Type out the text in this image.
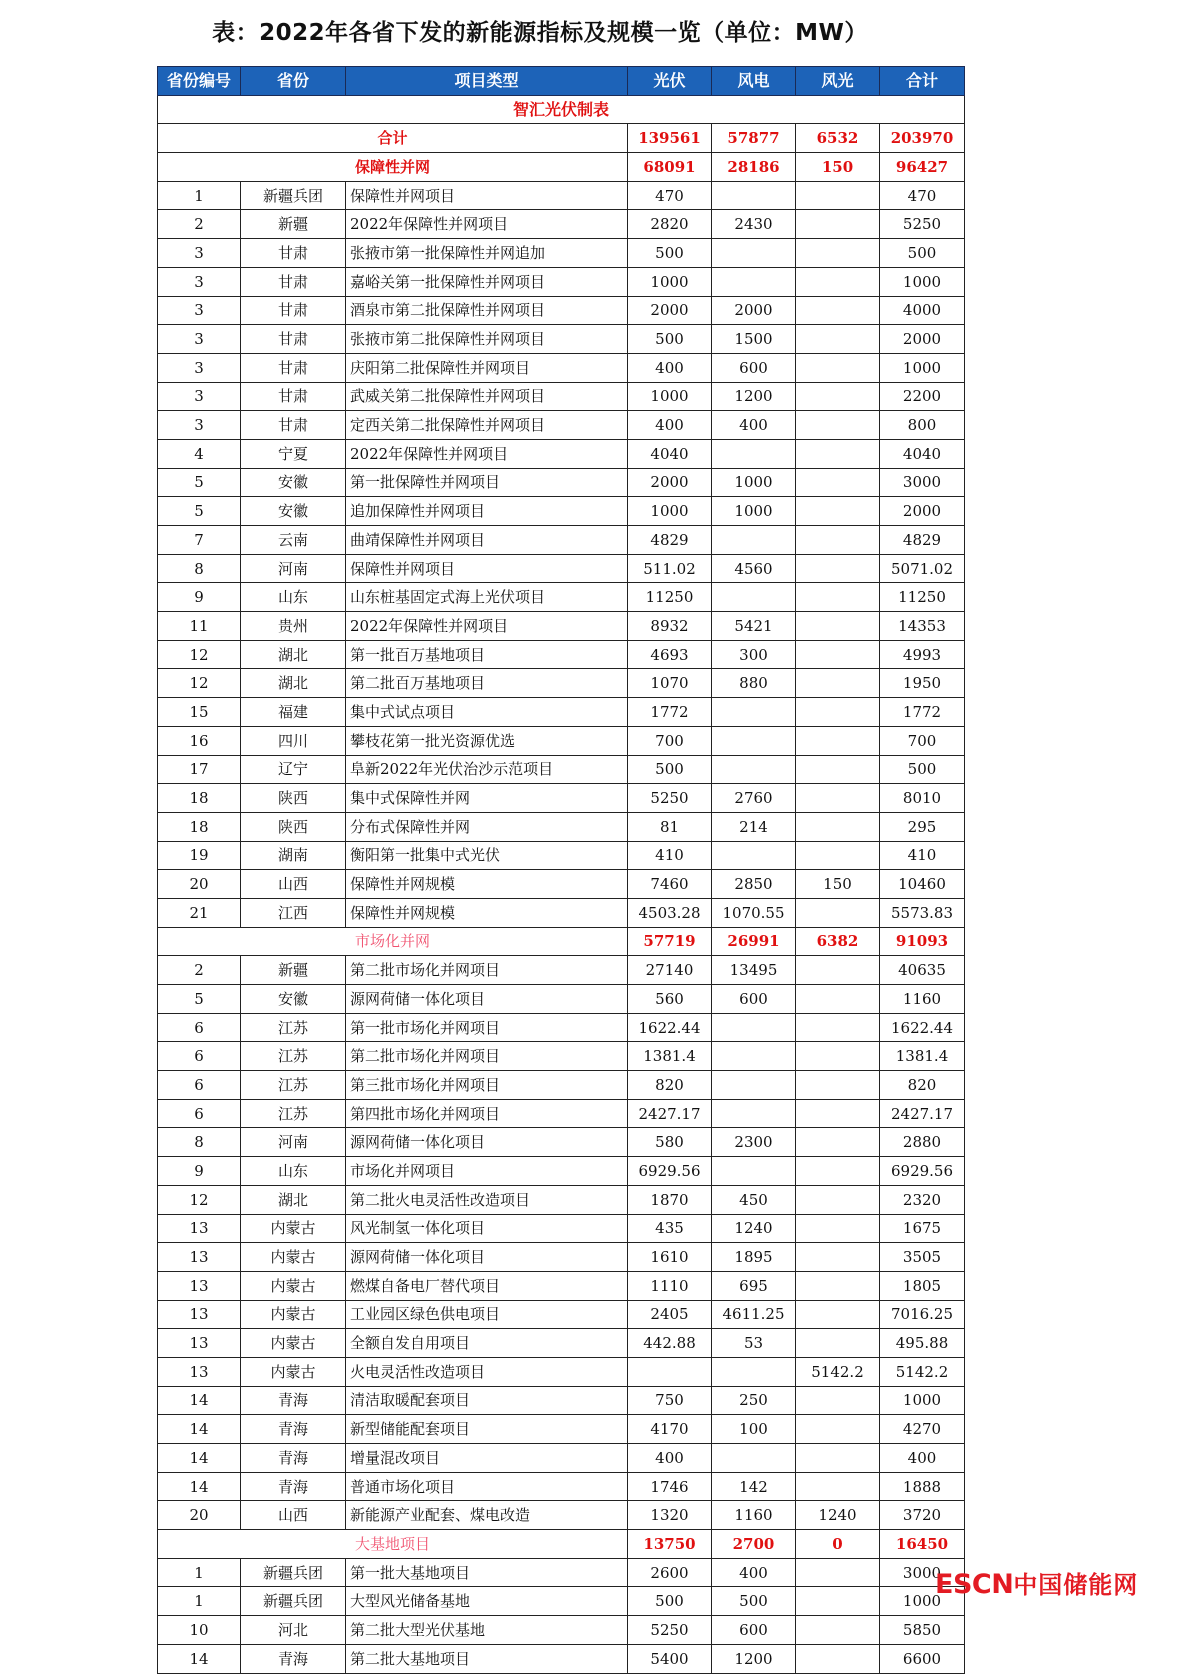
表：2022年各省下发的新能源指标及规模一览（单位：MW）
省份编号	省份	项目类型	光伏	风电	风光	合计
智汇光伏制表						
合计			139561	57877	6532	203970
保障性并网			68091	28186	150	96427
1	新疆兵团	保障性并网项目	470			470
2	新疆	2022年保障性并网项目	2820	2430		5250
3	甘肃	张掖市第一批保障性并网追加	500			500
3	甘肃	嘉峪关第一批保障性并网项目	1000			1000
3	甘肃	酒泉市第二批保障性并网项目	2000	2000		4000
3	甘肃	张掖市第二批保障性并网项目	500	1500		2000
3	甘肃	庆阳第二批保障性并网项目	400	600		1000
3	甘肃	武威关第二批保障性并网项目	1000	1200		2200
3	甘肃	定西关第二批保障性并网项目	400	400		800
4	宁夏	2022年保障性并网项目	4040			4040
5	安徽	第一批保障性并网项目	2000	1000		3000
5	安徽	追加保障性并网项目	1000	1000		2000
7	云南	曲靖保障性并网项目	4829			4829
8	河南	保障性并网项目	511.02	4560		5071.02
9	山东	山东桩基固定式海上光伏项目	11250			11250
11	贵州	2022年保障性并网项目	8932	5421		14353
12	湖北	第一批百万基地项目	4693	300		4993
12	湖北	第二批百万基地项目	1070	880		1950
15	福建	集中式试点项目	1772			1772
16	四川	攀枝花第一批光资源优选	700			700
17	辽宁	阜新2022年光伏治沙示范项目	500			500
18	陕西	集中式保障性并网	5250	2760		8010
18	陕西	分布式保障性并网	81	214		295
19	湖南	衡阳第一批集中式光伏	410			410
20	山西	保障性并网规模	7460	2850	150	10460
21	江西	保障性并网规模	4503.28	1070.55		5573.83
市场化并网			57719	26991	6382	91093
2	新疆	第二批市场化并网项目	27140	13495		40635
5	安徽	源网荷储一体化项目	560	600		1160
6	江苏	第一批市场化并网项目	1622.44			1622.44
6	江苏	第二批市场化并网项目	1381.4			1381.4
6	江苏	第三批市场化并网项目	820			820
6	江苏	第四批市场化并网项目	2427.17			2427.17
8	河南	源网荷储一体化项目	580	2300		2880
9	山东	市场化并网项目	6929.56			6929.56
12	湖北	第二批火电灵活性改造项目	1870	450		2320
13	内蒙古	风光制氢一体化项目	435	1240		1675
13	内蒙古	源网荷储一体化项目	1610	1895		3505
13	内蒙古	燃煤自备电厂替代项目	1110	695		1805
13	内蒙古	工业园区绿色供电项目	2405	4611.25		7016.25
13	内蒙古	全额自发自用项目	442.88	53		495.88
13	内蒙古	火电灵活性改造项目			5142.2	5142.2
14	青海	清洁取暖配套项目	750	250		1000
14	青海	新型储能配套项目	4170	100		4270
14	青海	增量混改项目	400			400
14	青海	普通市场化项目	1746	142		1888
20	山西	新能源产业配套、煤电改造	1320	1160	1240	3720
大基地项目			13750	2700	0	16450
1	新疆兵团	第一批大基地项目	2600	400		3000
1	新疆兵团	大型风光储备基地	500	500		1000
10	河北	第二批大型光伏基地	5250	600		5850
14	青海	第二批大基地项目	5400	1200		6600
ESCN中国储能网
